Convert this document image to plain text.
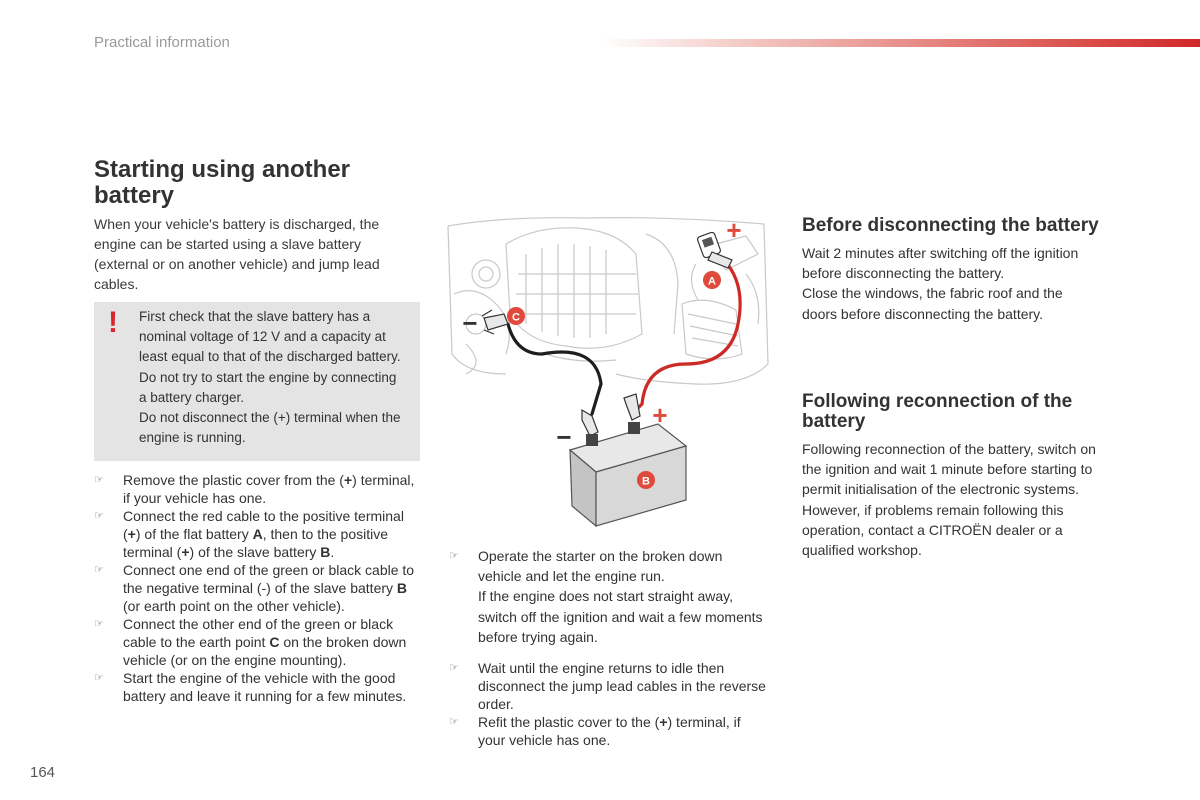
Practical information
Starting using another battery

When your vehicle's battery is discharged, the engine can be started using a slave battery (external or on another vehicle) and jump lead cables.

! First check that the slave battery has a
nominal voltage of 12 V and a capacity at
least equal to that of the discharged battery.
Do not try to start the engine by connecting
a battery charger.
Do not disconnect the (+) terminal when the
engine is running.
☞ Remove the plastic cover from the (+) terminal, if your vehicle has one.
☞ Connect the red cable to the positive terminal (+) of the flat battery A, then to the positive terminal (+) of the slave battery B.
☞ Connect one end of the green or black cable to the negative terminal (-) of the slave battery B (or earth point on the other vehicle).
☞ Connect the other end of the green or black cable to the earth point C on the broken down vehicle (or on the engine mounting).
☞ Start the engine of the vehicle with the good battery and leave it running for a few minutes.
A
B
C
+
+
−
−
☞ Operate the starter on the broken down vehicle and let the engine run.
If the engine does not start straight away, switch off the ignition and wait a few moments before trying again.
☞ Wait until the engine returns to idle then disconnect the jump lead cables in the reverse order.
☞ Refit the plastic cover to the (+) terminal, if your vehicle has one.
Before disconnecting the battery
Wait 2 minutes after switching off the ignition
before disconnecting the battery.
Close the windows, the fabric roof and the
doors before disconnecting the battery.
Following reconnection of the battery
Following reconnection of the battery, switch on
the ignition and wait 1 minute before starting to
permit initialisation of the electronic systems.
However, if problems remain following this
operation, contact a CITROËN dealer or a
qualified workshop.
164
